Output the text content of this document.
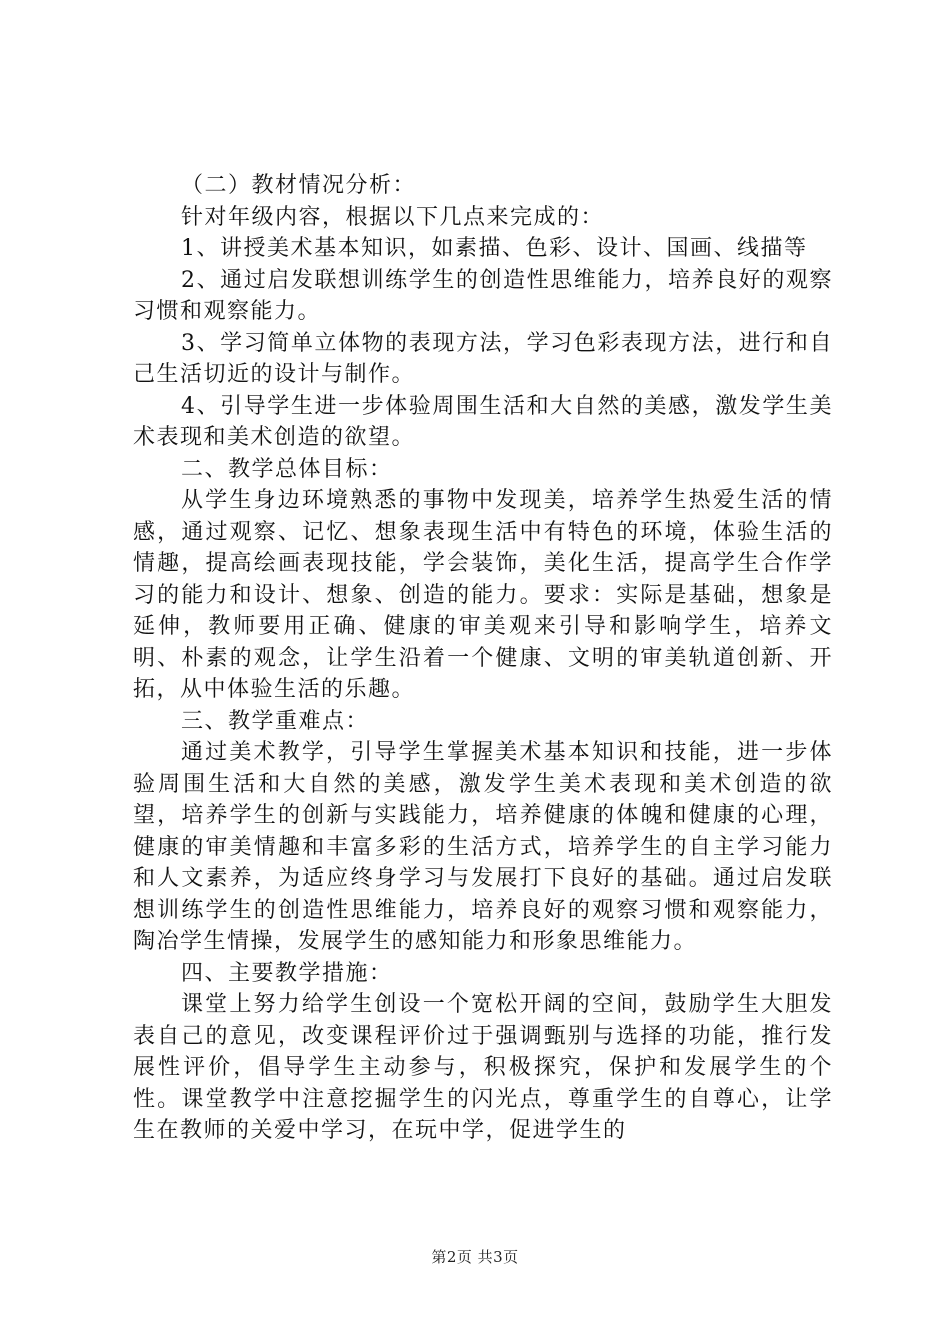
（二）教材情况分析：

针对年级内容，根据以下几点来完成的：

1、讲授美术基本知识，如素描、色彩、设计、国画、线描等

2、通过启发联想训练学生的创造性思维能力，培养良好的观察习惯和观察能力。

3、学习简单立体物的表现方法，学习色彩表现方法，进行和自己生活切近的设计与制作。

4、引导学生进一步体验周围生活和大自然的美感，激发学生美术表现和美术创造的欲望。

二、教学总体目标：

从学生身边环境熟悉的事物中发现美，培养学生热爱生活的情感，通过观察、记忆、想象表现生活中有特色的环境，体验生活的情趣，提高绘画表现技能，学会装饰，美化生活，提高学生合作学习的能力和设计、想象、创造的能力。要求：实际是基础，想象是延伸，教师要用正确、健康的审美观来引导和影响学生，培养文明、朴素的观念，让学生沿着一个健康、文明的审美轨道创新、开拓，从中体验生活的乐趣。

三、教学重难点：

通过美术教学，引导学生掌握美术基本知识和技能，进一步体验周围生活和大自然的美感，激发学生美术表现和美术创造的欲望，培养学生的创新与实践能力，培养健康的体魄和健康的心理，健康的审美情趣和丰富多彩的生活方式，培养学生的自主学习能力和人文素养，为适应终身学习与发展打下良好的基础。通过启发联想训练学生的创造性思维能力，培养良好的观察习惯和观察能力，陶冶学生情操，发展学生的感知能力和形象思维能力。

四、主要教学措施：

课堂上努力给学生创设一个宽松开阔的空间，鼓励学生大胆发表自己的意见，改变课程评价过于强调甄别与选择的功能，推行发展性评价，倡导学生主动参与，积极探究，保护和发展学生的个性。课堂教学中注意挖掘学生的闪光点，尊重学生的自尊心，让学生在教师的关爱中学习，在玩中学，促进学生的

第2页 共3页
